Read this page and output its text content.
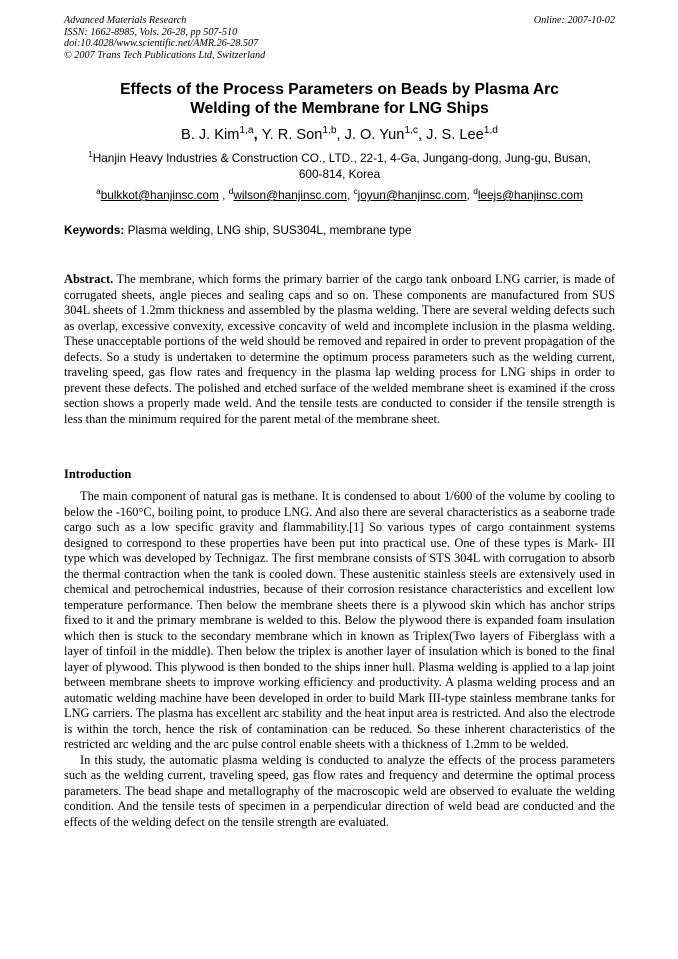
Advanced Materials Research
ISSN: 1662-8985, Vols. 26-28, pp 507-510
doi:10.4028/www.scientific.net/AMR.26-28.507
© 2007 Trans Tech Publications Ltd, Switzerland
Online: 2007-10-02
Effects of the Process Parameters on Beads by Plasma Arc
Welding of the Membrane for LNG Ships
B. J. Kim$^{1,a}$, Y. R. Son$^{1,b}$, J. O. Yun$^{1,c}$, J. S. Lee$^{1,d}$
$^1$Hanjin Heavy Industries & Construction CO., LTD., 22-1, 4-Ga, Jungang-dong, Jung-gu, Busan,
600-814, Korea
$^a$bulkkot@hanjinsc.com , $^d$wilson@hanjinsc.com, $^c$joyun@hanjinsc.com, $^d$leejs@hanjinsc.com
Keywords: Plasma welding, LNG ship, SUS304L, membrane type
Abstract. The membrane, which forms the primary barrier of the cargo tank onboard LNG carrier, is made of corrugated sheets, angle pieces and sealing caps and so on. These components are manufactured from SUS 304L sheets of 1.2mm thickness and assembled by the plasma welding. There are several welding defects such as overlap, excessive convexity, excessive concavity of weld and incomplete inclusion in the plasma welding. These unacceptable portions of the weld should be removed and repaired in order to prevent propagation of the defects. So a study is undertaken to determine the optimum process parameters such as the welding current, traveling speed, gas flow rates and frequency in the plasma lap welding process for LNG ships in order to prevent these defects. The polished and etched surface of the welded membrane sheet is examined if the cross section shows a properly made weld. And the tensile tests are conducted to consider if the tensile strength is less than the minimum required for the parent metal of the membrane sheet.
Introduction

The main component of natural gas is methane. It is condensed to about 1/600 of the volume by cooling to below the -160°C, boiling point, to produce LNG. And also there are several characteristics as a seaborne trade cargo such as a low specific gravity and flammability.[1] So various types of cargo containment systems designed to correspond to these properties have been put into practical use. One of these types is Mark- III type which was developed by Technigaz. The first membrane consists of STS 304L with corrugation to absorb the thermal contraction when the tank is cooled down. These austenitic stainless steels are extensively used in chemical and petrochemical industries, because of their corrosion resistance characteristics and excellent low temperature performance. Then below the membrane sheets there is a plywood skin which has anchor strips fixed to it and the primary membrane is welded to this. Below the plywood there is expanded foam insulation which then is stuck to the secondary membrane which in known as Triplex(Two layers of Fiberglass with a layer of tinfoil in the middle). Then below the triplex is another layer of insulation which is boned to the final layer of plywood. This plywood is then bonded to the ships inner hull. Plasma welding is applied to a lap joint between membrane sheets to improve working efficiency and productivity. A plasma welding process and an automatic welding machine have been developed in order to build Mark III-type stainless membrane tanks for LNG carriers. The plasma has excellent arc stability and the heat input area is restricted. And also the electrode is within the torch, hence the risk of contamination can be reduced. So these inherent characteristics of the restricted arc welding and the arc pulse control enable sheets with a thickness of 1.2mm to be welded.

In this study, the automatic plasma welding is conducted to analyze the effects of the process parameters such as the welding current, traveling speed, gas flow rates and frequency and determine the optimal process parameters. The bead shape and metallography of the macroscopic weld are observed to evaluate the welding condition. And the tensile tests of specimen in a perpendicular direction of weld bead are conducted and the effects of the welding defect on the tensile strength are evaluated.
